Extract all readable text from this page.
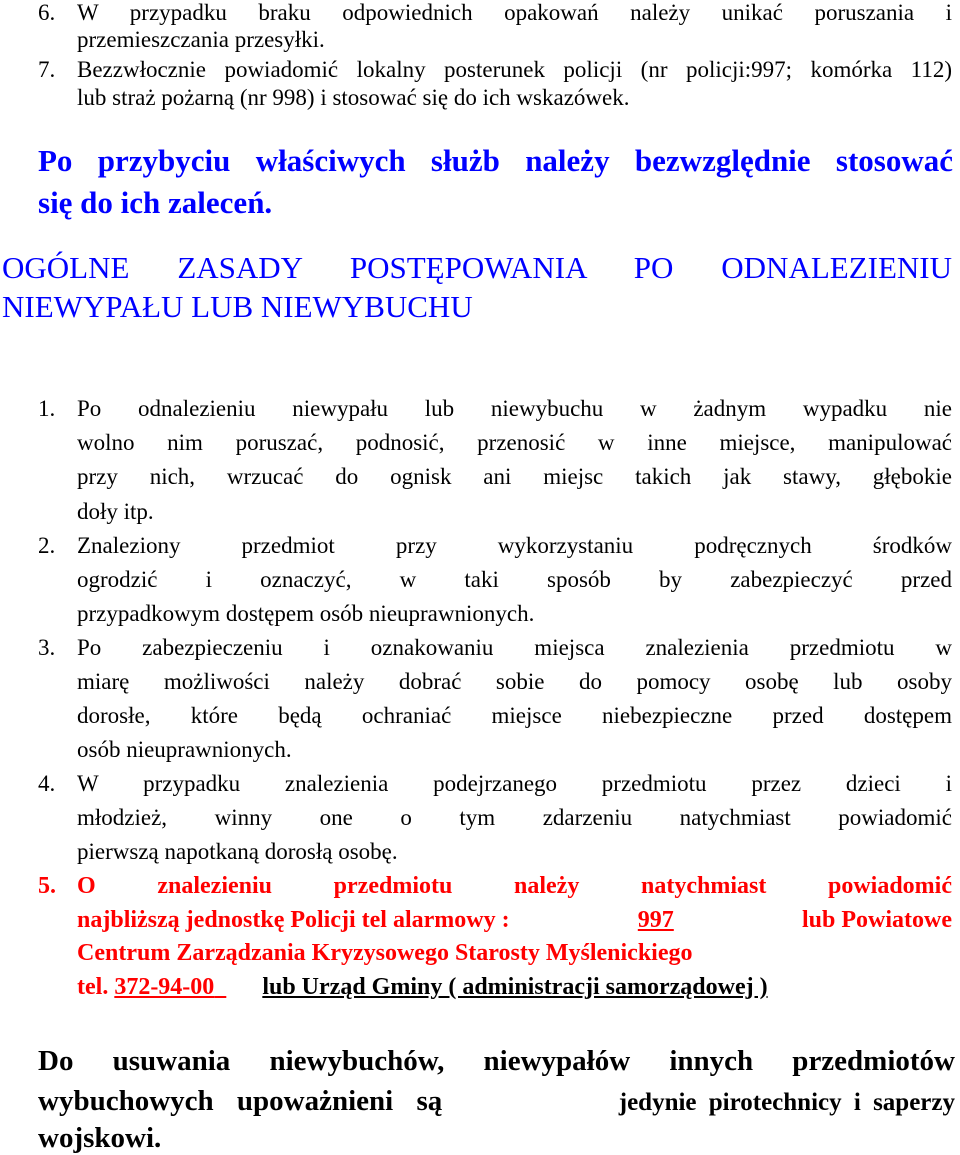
6. W przypadku braku odpowiednich opakowań należy unikać poruszania i
przemieszczania przesyłki.
7. Bezzwłocznie powiadomić lokalny posterunek policji (nr policji:997; komórka 112)
lub straż pożarną (nr 998) i stosować się do ich wskazówek.
Po przybyciu właściwych służb należy bezwzględnie stosować
się do ich zaleceń.
OGÓLNE ZASADY POSTĘPOWANIA PO ODNALEZIENIU
NIEWYPAŁU LUB NIEWYBUCHU
1. Po odnalezieniu niewypału lub niewybuchu w żadnym wypadku nie
wolno nim poruszać, podnosić, przenosić w inne miejsce, manipulować
przy nich, wrzucać do ognisk ani miejsc takich jak stawy, głębokie
doły itp.
2. Znaleziony przedmiot przy wykorzystaniu podręcznych środków
ogrodzić i oznaczyć, w taki sposób by zabezpieczyć przed
przypadkowym dostępem osób nieuprawnionych.
3. Po zabezpieczeniu i oznakowaniu miejsca znalezienia przedmiotu w
miarę możliwości należy dobrać sobie do pomocy osobę lub osoby
dorosłe, które będą ochraniać miejsce niebezpieczne przed dostępem
osób nieuprawnionych.
4. W przypadku znalezienia podejrzanego przedmiotu przez dzieci i
młodzież, winny one o tym zdarzeniu natychmiast powiadomić
pierwszą napotkaną dorosłą osobę.
5. O znalezieniu przedmiotu należy natychmiast powiadomić
najbliższą jednostkę Policji tel alarmowy :	997	lub Powiatowe
Centrum Zarządzania Kryzysowego Starosty Myślenickiego
tel. 372-94-00 lub Urząd Gminy ( administracji samorządowej )
Do usuwania niewybuchów, niewypałów innych przedmiotów
wybuchowych upoważnieni są	jedynie pirotechnicy i saperzy
wojskowi.
